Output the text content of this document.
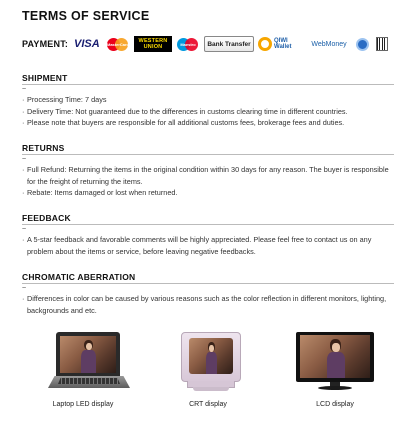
TERMS OF SERVICE
PAYMENT: VISA	MasterCard WESTERN
UNION	Maestro	Bank Transfer	QIWI
Wallet	WebMoney
SHIPMENT
~
· Processing Time: 7 days
· Delivery Time: Not guaranteed due to the differences in customs clearing time in different countries.
· Please note that buyers are responsible for all additional customs fees, brokerage fees and duties.
RETURNS
~
· Full Refund: Returning the items in the original condition within 30 days for any reason. The buyer is responsible for the freight of returning the items.
· Rebate: Items damaged or lost when returned.
FEEDBACK
~
· A 5-star feedback and favorable comments will be highly appreciated. Please feel free to contact us on any problem about the items or service, before leaving negative feedbacks.
CHROMATIC ABERRATION
~
· Differences in color can be caused by various reasons such as the color reflection in different monitors, lighting, backgrounds and etc.
Laptop LED display	CRT display	LCD display
